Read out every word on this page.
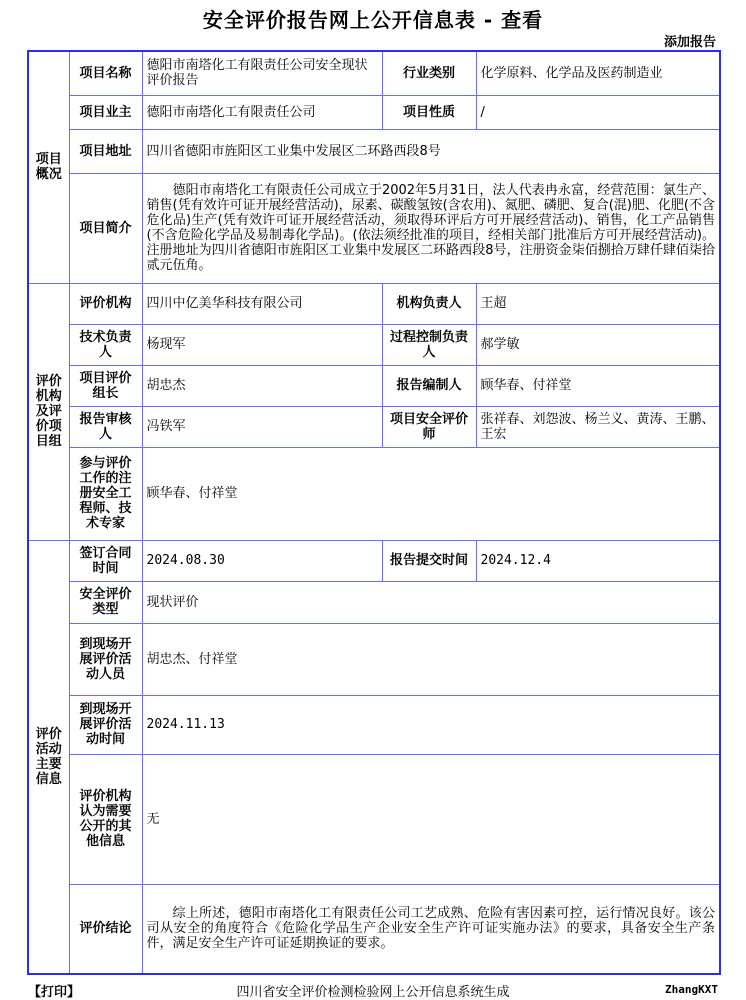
安全评价报告网上公开信息表 - 查看
添加报告
项目概况	项目名称	德阳市南塔化工有限责任公司安全现状评价报告	行业类别	化学原料、化学品及医药制造业
	项目业主	德阳市南塔化工有限责任公司	项目性质	/
	项目地址	四川省德阳市旌阳区工业集中发展区二环路西段8号		
	项目简介	德阳市南塔化工有限责任公司成立于2002年5月31日，法人代表冉永富，经营范围：氯生产、销售(凭有效许可证开展经营活动)，尿素、碳酸氢铵(含农用)、氮肥、磷肥、复合(混)肥、化肥(不含危化品)生产(凭有效许可证开展经营活动，须取得环评后方可开展经营活动)、销售，化工产品销售(不含危险化学品及易制毒化学品)。(依法须经批准的项目，经相关部门批准后方可开展经营活动)。注册地址为四川省德阳市旌阳区工业集中发展区二环路西段8号，注册资金柒佰捌拾万肆仟肆佰柒拾贰元伍角。		
评价机构及评价项目组	评价机构	四川中亿美华科技有限公司	机构负责人	王超
	技术负责人	杨现军	过程控制负责人	郝学敏
	项目评价组长	胡忠杰	报告编制人	顾华春、付祥堂
	报告审核人	冯铁军	项目安全评价师	张祥春、刘怨波、杨兰义、黄涛、王鹏、王宏
	参与评价工作的注册安全工程师、技术专家	顾华春、付祥堂		
评价活动主要信息	签订合同时间	2024.08.30	报告提交时间	2024.12.4
	安全评价类型	现状评价		
	到现场开展评价活动人员	胡忠杰、付祥堂		
	到现场开展评价活动时间	2024.11.13		
	评价机构认为需要公开的其他信息	无		
	评价结论	综上所述，德阳市南塔化工有限责任公司工艺成熟、危险有害因素可控，运行情况良好。该公司从安全的角度符合《危险化学品生产企业安全生产许可证实施办法》的要求，具备安全生产条件，满足安全生产许可证延期换证的要求。		
四川省安全评价检测检验网上公开信息系统生成
【打印】	ZhangKXT
